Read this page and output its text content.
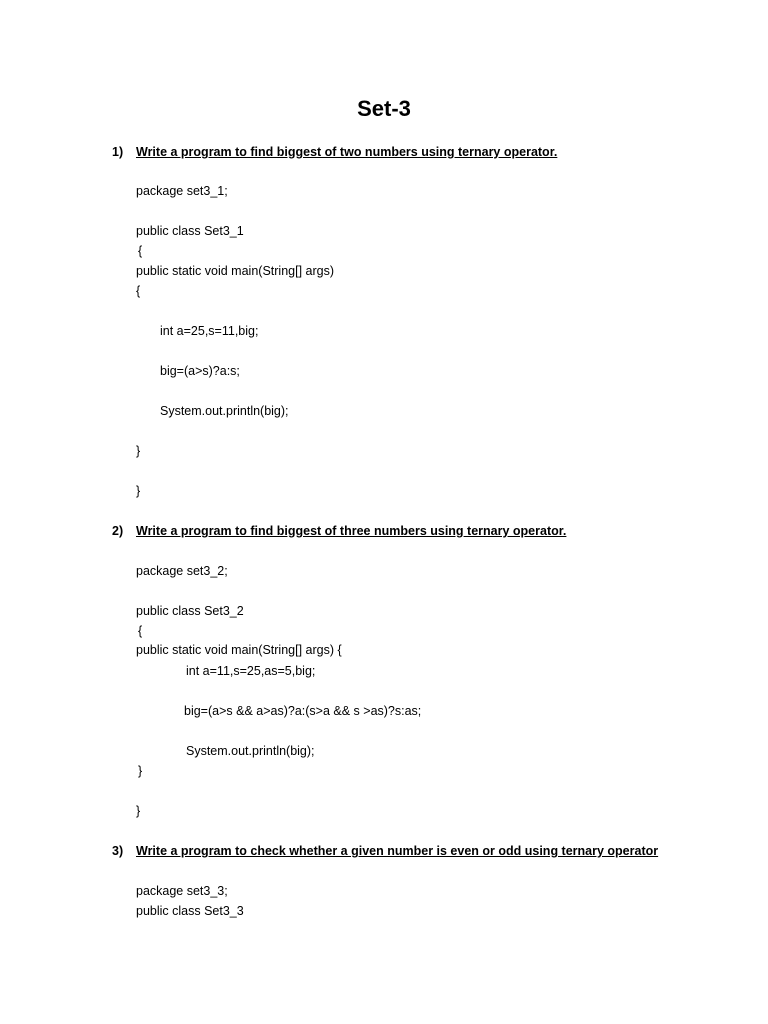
Set-3
1) Write a program to find biggest of two numbers using ternary operator.
package set3_1;
public class Set3_1
{
public static void main(String[] args)
{
int a=25,s=11,big;
big=(a>s)?a:s;
System.out.println(big);
}
}
2) Write a program to find biggest of three numbers using ternary operator.
package set3_2;
public class Set3_2
{
public static void main(String[] args) {
int a=11,s=25,as=5,big;
big=(a>s && a>as)?a:(s>a && s >as)?s:as;
System.out.println(big);
}
}
3) Write a program to check whether a given number is even or odd using ternary operator
package set3_3;
public class Set3_3
